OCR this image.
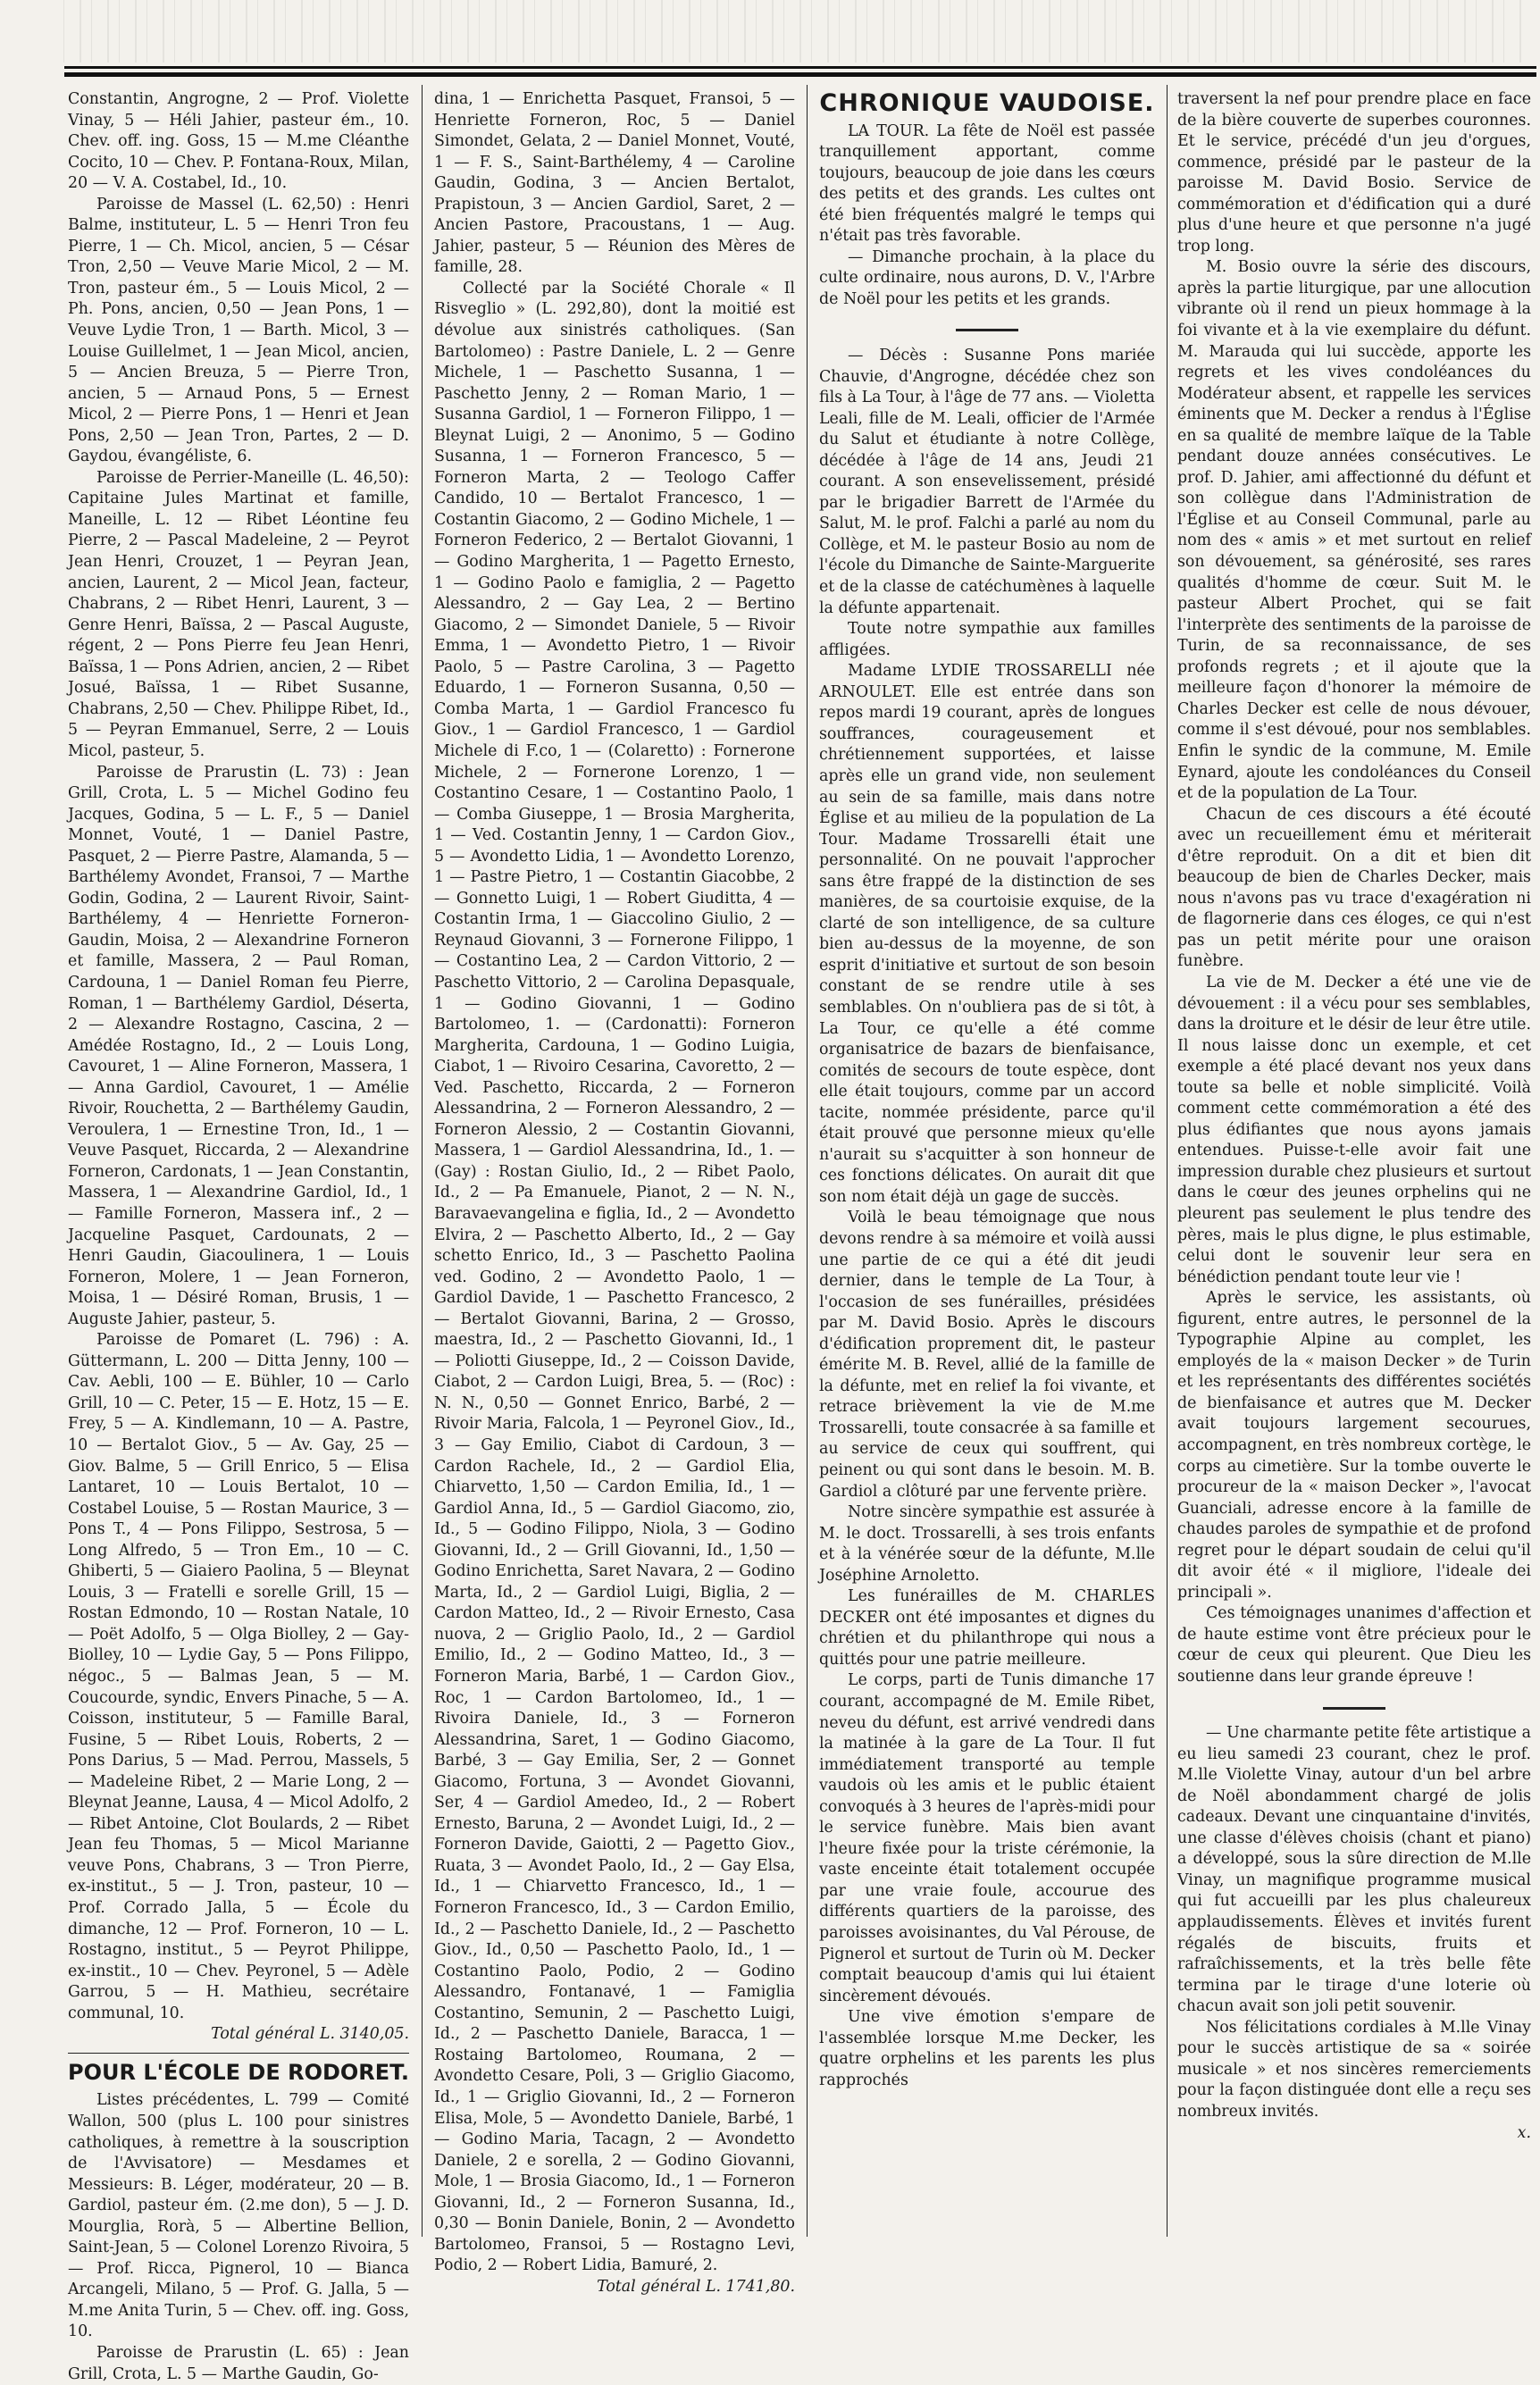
Constantin, Angrogne, 2 — Prof. Violette Vinay, 5 — Héli Jahier, pasteur ém., 10. Chev. off. ing. Goss, 15 — M.me Cléanthe Cocito, 10 — Chev. P. Fontana-Roux, Milan, 20 — V. A. Costabel, Id., 10.

Paroisse de Massel (L. 62,50) : Henri Balme, instituteur, L. 5 — Henri Tron feu Pierre, 1 — Ch. Micol, ancien, 5 — César Tron, 2,50 — Veuve Marie Micol, 2 — M. Tron, pasteur ém., 5 — Louis Micol, 2 — Ph. Pons, ancien, 0,50 — Jean Pons, 1 — Veuve Lydie Tron, 1 — Barth. Micol, 3 — Louise Guillelmet, 1 — Jean Micol, ancien, 5 — Ancien Breuza, 5 — Pierre Tron, ancien, 5 — Arnaud Pons, 5 — Ernest Micol, 2 — Pierre Pons, 1 — Henri et Jean Pons, 2,50 — Jean Tron, Partes, 2 — D. Gaydou, évangéliste, 6.

Paroisse de Perrier-Maneille (L. 46,50): Capitaine Jules Martinat et famille, Maneille, L. 12 — Ribet Léontine feu Pierre, 2 — Pascal Madeleine, 2 — Peyrot Jean Henri, Crouzet, 1 — Peyran Jean, ancien, Laurent, 2 — Micol Jean, facteur, Chabrans, 2 — Ribet Henri, Laurent, 3 — Genre Henri, Baïssa, 2 — Pascal Auguste, régent, 2 — Pons Pierre feu Jean Henri, Baïssa, 1 — Pons Adrien, ancien, 2 — Ribet Josué, Baïssa, 1 — Ribet Susanne, Chabrans, 2,50 — Chev. Philippe Ribet, Id., 5 — Peyran Emmanuel, Serre, 2 — Louis Micol, pasteur, 5.

Paroisse de Prarustin (L. 73) : Jean Grill, Crota, L. 5 — Michel Godino feu Jacques, Godina, 5 — L. F., 5 — Daniel Monnet, Vouté, 1 — Daniel Pastre, Pasquet, 2 — Pierre Pastre, Alamanda, 5 — Barthélemy Avondet, Fransoi, 7 — Marthe Godin, Godina, 2 — Laurent Rivoir, Saint-Barthélemy, 4 — Henriette Forneron-Gaudin, Moisa, 2 — Alexandrine Forneron et famille, Massera, 2 — Paul Roman, Cardouna, 1 — Daniel Roman feu Pierre, Roman, 1 — Barthélemy Gardiol, Déserta, 2 — Alexandre Rostagno, Cascina, 2 — Amédée Rostagno, Id., 2 — Louis Long, Cavouret, 1 — Aline Forneron, Massera, 1 — Anna Gardiol, Cavouret, 1 — Amélie Rivoir, Rouchetta, 2 — Barthélemy Gaudin, Veroulera, 1 — Ernestine Tron, Id., 1 — Veuve Pasquet, Riccarda, 2 — Alexandrine Forneron, Cardonats, 1 — Jean Constantin, Massera, 1 — Alexandrine Gardiol, Id., 1 — Famille Forneron, Massera inf., 2 — Jacqueline Pasquet, Cardounats, 2 — Henri Gaudin, Giacoulinera, 1 — Louis Forneron, Molere, 1 — Jean Forneron, Moisa, 1 — Désiré Roman, Brusis, 1 — Auguste Jahier, pasteur, 5.

Paroisse de Pomaret (L. 796) : A. Güttermann, L. 200 — Ditta Jenny, 100 — Cav. Aebli, 100 — E. Bühler, 10 — Carlo Grill, 10 — C. Peter, 15 — E. Hotz, 15 — E. Frey, 5 — A. Kindlemann, 10 — A. Pastre, 10 — Bertalot Giov., 5 — Av. Gay, 25 — Giov. Balme, 5 — Grill Enrico, 5 — Elisa Lantaret, 10 — Louis Bertalot, 10 — Costabel Louise, 5 — Rostan Maurice, 3 — Pons T., 4 — Pons Filippo, Sestrosa, 5 — Long Alfredo, 5 — Tron Em., 10 — C. Ghiberti, 5 — Giaiero Paolina, 5 — Bleynat Louis, 3 — Fratelli e sorelle Grill, 15 — Rostan Edmondo, 10 — Rostan Natale, 10 — Poët Adolfo, 5 — Olga Biolley, 2 — Gay-Biolley, 10 — Lydie Gay, 5 — Pons Filippo, négoc., 5 — Balmas Jean, 5 — M. Coucourde, syndic, Envers Pinache, 5 — A. Coisson, instituteur, 5 — Famille Baral, Fusine, 5 — Ribet Louis, Roberts, 2 — Pons Darius, 5 — Mad. Perrou, Massels, 5 — Madeleine Ribet, 2 — Marie Long, 2 — Bleynat Jeanne, Lausa, 4 — Micol Adolfo, 2 — Ribet Antoine, Clot Boulards, 2 — Ribet Jean feu Thomas, 5 — Micol Marianne veuve Pons, Chabrans, 3 — Tron Pierre, ex-institut., 5 — J. Tron, pasteur, 10 — Prof. Corrado Jalla, 5 — École du dimanche, 12 — Prof. Forneron, 10 — L. Rostagno, institut., 5 — Peyrot Philippe, ex-instit., 10 — Chev. Peyronel, 5 — Adèle Garrou, 5 — H. Mathieu, secrétaire communal, 10.

Total général L. 3140,05.

POUR L'ÉCOLE DE RODORET.

Listes précédentes, L. 799 — Comité Wallon, 500 (plus L. 100 pour sinistres catholiques, à remettre à la souscription de l'Avvisatore) — Mesdames et Messieurs: B. Léger, modérateur, 20 — B. Gardiol, pasteur ém. (2.me don), 5 — J. D. Mourglia, Rorà, 5 — Albertine Bellion, Saint-Jean, 5 — Colonel Lorenzo Rivoira, 5 — Prof. Ricca, Pignerol, 10 — Bianca Arcangeli, Milano, 5 — Prof. G. Jalla, 5 — M.me Anita Turin, 5 — Chev. off. ing. Goss, 10.

Paroisse de Prarustin (L. 65) : Jean Grill, Crota, L. 5 — Marthe Gaudin, Go-

dina, 1 — Enrichetta Pasquet, Fransoi, 5 — Henriette Forneron, Roc, 5 — Daniel Simondet, Gelata, 2 — Daniel Monnet, Vouté, 1 — F. S., Saint-Barthélemy, 4 — Caroline Gaudin, Godina, 3 — Ancien Bertalot, Prapistoun, 3 — Ancien Gardiol, Saret, 2 — Ancien Pastore, Pracoustans, 1 — Aug. Jahier, pasteur, 5 — Réunion des Mères de famille, 28.

Collecté par la Société Chorale « Il Risveglio » (L. 292,80), dont la moitié est dévolue aux sinistrés catholiques. (San Bartolomeo) : Pastre Daniele, L. 2 — Genre Michele, 1 — Paschetto Susanna, 1 — Paschetto Jenny, 2 — Roman Mario, 1 — Susanna Gardiol, 1 — Forneron Filippo, 1 — Bleynat Luigi, 2 — Anonimo, 5 — Godino Susanna, 1 — Forneron Francesco, 5 — Forneron Marta, 2 — Teologo Caffer Candido, 10 — Bertalot Francesco, 1 — Costantin Giacomo, 2 — Godino Michele, 1 — Forneron Federico, 2 — Bertalot Giovanni, 1 — Godino Margherita, 1 — Pagetto Ernesto, 1 — Godino Paolo e famiglia, 2 — Pagetto Alessandro, 2 — Gay Lea, 2 — Bertino Giacomo, 2 — Simondet Daniele, 5 — Rivoir Emma, 1 — Avondetto Pietro, 1 — Rivoir Paolo, 5 — Pastre Carolina, 3 — Pagetto Eduardo, 1 — Forneron Susanna, 0,50 — Comba Marta, 1 — Gardiol Francesco fu Giov., 1 — Gardiol Francesco, 1 — Gardiol Michele di F.co, 1 — (Colaretto) : Fornerone Michele, 2 — Fornerone Lorenzo, 1 — Costantino Cesare, 1 — Costantino Paolo, 1 — Comba Giuseppe, 1 — Brosia Margherita, 1 — Ved. Costantin Jenny, 1 — Cardon Giov., 5 — Avondetto Lidia, 1 — Avondetto Lorenzo, 1 — Pastre Pietro, 1 — Costantin Giacobbe, 2 — Gonnetto Luigi, 1 — Robert Giuditta, 4 — Costantin Irma, 1 — Giaccolino Giulio, 2 — Reynaud Giovanni, 3 — Fornerone Filippo, 1 — Costantino Lea, 2 — Cardon Vittorio, 2 — Paschetto Vittorio, 2 — Carolina Depasquale, 1 — Godino Giovanni, 1 — Godino Bartolomeo, 1. — (Cardonatti): Forneron Margherita, Cardouna, 1 — Godino Luigia, Ciabot, 1 — Rivoiro Cesarina, Cavoretto, 2 — Ved. Paschetto, Riccarda, 2 — Forneron Alessandrina, 2 — Forneron Alessandro, 2 — Forneron Alessio, 2 — Costantin Giovanni, Massera, 1 — Gardiol Alessandrina, Id., 1. — (Gay) : Rostan Giulio, Id., 2 — Ribet Paolo, Id., 2 — Pa Emanuele, Pianot, 2 — N. N., Baravaevangelina e figlia, Id., 2 — Avondetto Elvira, 2 — Paschetto Alberto, Id., 2 — Gay schetto Enrico, Id., 3 — Paschetto Paolina ved. Godino, 2 — Avondetto Paolo, 1 — Gardiol Davide, 1 — Paschetto Francesco, 2 — Bertalot Giovanni, Barina, 2 — Grosso, maestra, Id., 2 — Paschetto Giovanni, Id., 1 — Poliotti Giuseppe, Id., 2 — Coisson Davide, Ciabot, 2 — Cardon Luigi, Brea, 5. — (Roc) : N. N., 0,50 — Gonnet Enrico, Barbé, 2 — Rivoir Maria, Falcola, 1 — Peyronel Giov., Id., 3 — Gay Emilio, Ciabot di Cardoun, 3 — Cardon Rachele, Id., 2 — Gardiol Elia, Chiarvetto, 1,50 — Cardon Emilia, Id., 1 — Gardiol Anna, Id., 5 — Gardiol Giacomo, zio, Id., 5 — Godino Filippo, Niola, 3 — Godino Giovanni, Id., 2 — Grill Giovanni, Id., 1,50 — Godino Enrichetta, Saret Navara, 2 — Godino Marta, Id., 2 — Gardiol Luigi, Biglia, 2 — Cardon Matteo, Id., 2 — Rivoir Ernesto, Casa nuova, 2 — Griglio Paolo, Id., 2 — Gardiol Emilio, Id., 2 — Godino Matteo, Id., 3 — Forneron Maria, Barbé, 1 — Cardon Giov., Roc, 1 — Cardon Bartolomeo, Id., 1 — Rivoira Daniele, Id., 3 — Forneron Alessandrina, Saret, 1 — Godino Giacomo, Barbé, 3 — Gay Emilia, Ser, 2 — Gonnet Giacomo, Fortuna, 3 — Avondet Giovanni, Ser, 4 — Gardiol Amedeo, Id., 2 — Robert Ernesto, Baruna, 2 — Avondet Luigi, Id., 2 — Forneron Davide, Gaiotti, 2 — Pagetto Giov., Ruata, 3 — Avondet Paolo, Id., 2 — Gay Elsa, Id., 1 — Chiarvetto Francesco, Id., 1 — Forneron Francesco, Id., 3 — Cardon Emilio, Id., 2 — Paschetto Daniele, Id., 2 — Paschetto Giov., Id., 0,50 — Paschetto Paolo, Id., 1 — Costantino Paolo, Podio, 2 — Godino Alessandro, Fontanavé, 1 — Famiglia Costantino, Semunin, 2 — Paschetto Luigi, Id., 2 — Paschetto Daniele, Baracca, 1 — Rostaing Bartolomeo, Roumana, 2 — Avondetto Cesare, Poli, 3 — Griglio Giacomo, Id., 1 — Griglio Giovanni, Id., 2 — Forneron Elisa, Mole, 5 — Avondetto Daniele, Barbé, 1 — Godino Maria, Tacagn, 2 — Avondetto Daniele, 2 e sorella, 2 — Godino Giovanni, Mole, 1 — Brosia Giacomo, Id., 1 — Forneron Giovanni, Id., 2 — Forneron Susanna, Id., 0,30 — Bonin Daniele, Bonin, 2 — Avondetto Bartolomeo, Fransoi, 5 — Rostagno Levi, Podio, 2 — Robert Lidia, Bamuré, 2.

Total général L. 1741,80.

CHRONIQUE VAUDOISE.

LA TOUR. La fête de Noël est passée tranquillement apportant, comme toujours, beaucoup de joie dans les cœurs des petits et des grands. Les cultes ont été bien fréquentés malgré le temps qui n'était pas très favorable.

— Dimanche prochain, à la place du culte ordinaire, nous aurons, D. V., l'Arbre de Noël pour les petits et les grands.

— Décès : Susanne Pons mariée Chauvie, d'Angrogne, décédée chez son fils à La Tour, à l'âge de 77 ans. — Violetta Leali, fille de M. Leali, officier de l'Armée du Salut et étudiante à notre Collège, décédée à l'âge de 14 ans, Jeudi 21 courant. A son ensevelissement, présidé par le brigadier Barrett de l'Armée du Salut, M. le prof. Falchi a parlé au nom du Collège, et M. le pasteur Bosio au nom de l'école du Dimanche de Sainte-Marguerite et de la classe de catéchumènes à laquelle la défunte appartenait.

Toute notre sympathie aux familles affligées.

Madame LYDIE TROSSARELLI née ARNOULET. Elle est entrée dans son repos mardi 19 courant, après de longues souffrances, courageusement et chrétiennement supportées, et laisse après elle un grand vide, non seulement au sein de sa famille, mais dans notre Église et au milieu de la population de La Tour. Madame Trossarelli était une personnalité. On ne pouvait l'approcher sans être frappé de la distinction de ses manières, de sa courtoisie exquise, de la clarté de son intelligence, de sa culture bien au-dessus de la moyenne, de son esprit d'initiative et surtout de son besoin constant de se rendre utile à ses semblables. On n'oubliera pas de si tôt, à La Tour, ce qu'elle a été comme organisatrice de bazars de bienfaisance, comités de secours de toute espèce, dont elle était toujours, comme par un accord tacite, nommée présidente, parce qu'il était prouvé que personne mieux qu'elle n'aurait su s'acquitter à son honneur de ces fonctions délicates. On aurait dit que son nom était déjà un gage de succès.

Voilà le beau témoignage que nous devons rendre à sa mémoire et voilà aussi une partie de ce qui a été dit jeudi dernier, dans le temple de La Tour, à l'occasion de ses funérailles, présidées par M. David Bosio. Après le discours d'édification proprement dit, le pasteur émérite M. B. Revel, allié de la famille de la défunte, met en relief la foi vivante, et retrace brièvement la vie de M.me Trossarelli, toute consacrée à sa famille et au service de ceux qui souffrent, qui peinent ou qui sont dans le besoin. M. B. Gardiol a clôturé par une fervente prière.

Notre sincère sympathie est assurée à M. le doct. Trossarelli, à ses trois enfants et à la vénérée sœur de la défunte, M.lle Joséphine Arnoletto.

Les funérailles de M. CHARLES DECKER ont été imposantes et dignes du chrétien et du philanthrope qui nous a quittés pour une patrie meilleure.

Le corps, parti de Tunis dimanche 17 courant, accompagné de M. Emile Ribet, neveu du défunt, est arrivé vendredi dans la matinée à la gare de La Tour. Il fut immédiatement transporté au temple vaudois où les amis et le public étaient convoqués à 3 heures de l'après-midi pour le service funèbre. Mais bien avant l'heure fixée pour la triste cérémonie, la vaste enceinte était totalement occupée par une vraie foule, accourue des différents quartiers de la paroisse, des paroisses avoisinantes, du Val Pérouse, de Pignerol et surtout de Turin où M. Decker comptait beaucoup d'amis qui lui étaient sincèrement dévoués.

Une vive émotion s'empare de l'assemblée lorsque M.me Decker, les quatre orphelins et les parents les plus rapprochés

traversent la nef pour prendre place en face de la bière couverte de superbes couronnes. Et le service, précédé d'un jeu d'orgues, commence, présidé par le pasteur de la paroisse M. David Bosio. Service de commémoration et d'édification qui a duré plus d'une heure et que personne n'a jugé trop long.

M. Bosio ouvre la série des discours, après la partie liturgique, par une allocution vibrante où il rend un pieux hommage à la foi vivante et à la vie exemplaire du défunt. M. Marauda qui lui succède, apporte les regrets et les vives condoléances du Modérateur absent, et rappelle les services éminents que M. Decker a rendus à l'Église en sa qualité de membre laïque de la Table pendant douze années consécutives. Le prof. D. Jahier, ami affectionné du défunt et son collègue dans l'Administration de l'Église et au Conseil Communal, parle au nom des « amis » et met surtout en relief son dévouement, sa générosité, ses rares qualités d'homme de cœur. Suit M. le pasteur Albert Prochet, qui se fait l'interprète des sentiments de la paroisse de Turin, de sa reconnaissance, de ses profonds regrets ; et il ajoute que la meilleure façon d'honorer la mémoire de Charles Decker est celle de nous dévouer, comme il s'est dévoué, pour nos semblables. Enfin le syndic de la commune, M. Emile Eynard, ajoute les condoléances du Conseil et de la population de La Tour.

Chacun de ces discours a été écouté avec un recueillement ému et mériterait d'être reproduit. On a dit et bien dit beaucoup de bien de Charles Decker, mais nous n'avons pas vu trace d'exagération ni de flagornerie dans ces éloges, ce qui n'est pas un petit mérite pour une oraison funèbre.

La vie de M. Decker a été une vie de dévouement : il a vécu pour ses semblables, dans la droiture et le désir de leur être utile. Il nous laisse donc un exemple, et cet exemple a été placé devant nos yeux dans toute sa belle et noble simplicité. Voilà comment cette commémoration a été des plus édifiantes que nous ayons jamais entendues. Puisse-t-elle avoir fait une impression durable chez plusieurs et surtout dans le cœur des jeunes orphelins qui ne pleurent pas seulement le plus tendre des pères, mais le plus digne, le plus estimable, celui dont le souvenir leur sera en bénédiction pendant toute leur vie !

Après le service, les assistants, où figurent, entre autres, le personnel de la Typographie Alpine au complet, les employés de la « maison Decker » de Turin et les représentants des différentes sociétés de bienfaisance et autres que M. Decker avait toujours largement secourues, accompagnent, en très nombreux cortège, le corps au cimetière. Sur la tombe ouverte le procureur de la « maison Decker », l'avocat Guanciali, adresse encore à la famille de chaudes paroles de sympathie et de profond regret pour le départ soudain de celui qu'il dit avoir été « il migliore, l'ideale dei principali ».

Ces témoignages unanimes d'affection et de haute estime vont être précieux pour le cœur de ceux qui pleurent. Que Dieu les soutienne dans leur grande épreuve !

— Une charmante petite fête artistique a eu lieu samedi 23 courant, chez le prof. M.lle Violette Vinay, autour d'un bel arbre de Noël abondamment chargé de jolis cadeaux. Devant une cinquantaine d'invités, une classe d'élèves choisis (chant et piano) a développé, sous la sûre direction de M.lle Vinay, un magnifique programme musical qui fut accueilli par les plus chaleureux applaudissements. Élèves et invités furent régalés de biscuits, fruits et rafraîchissements, et la très belle fête termina par le tirage d'une loterie où chacun avait son joli petit souvenir.

Nos félicitations cordiales à M.lle Vinay pour le succès artistique de sa « soirée musicale » et nos sincères remerciements pour la façon distinguée dont elle a reçu ses nombreux invités.

x.
